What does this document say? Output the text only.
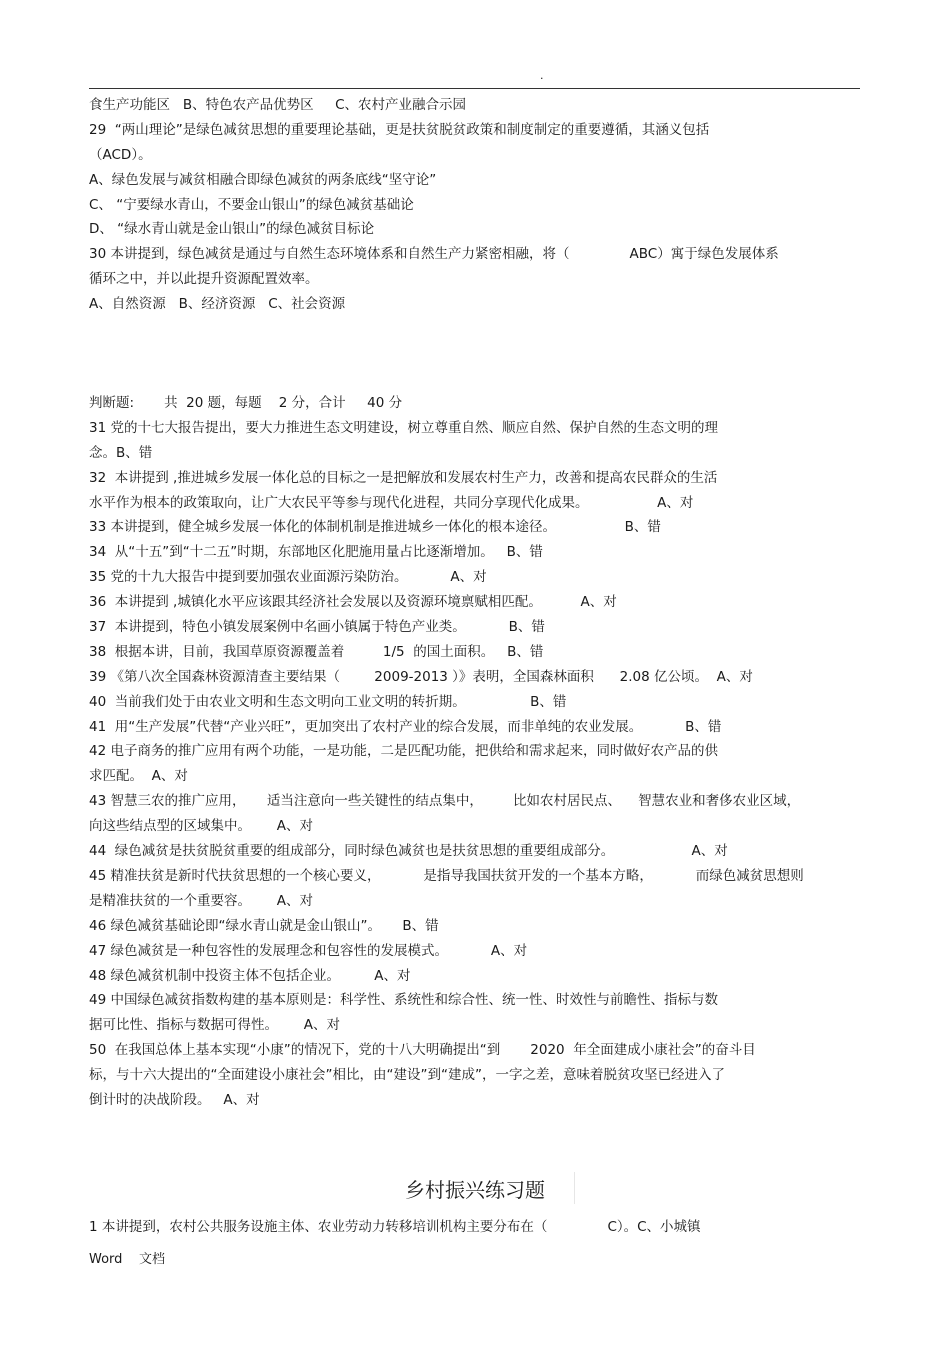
.
食生产功能区   B、特色农产品优势区     C、农村产业融合示园
29  “两山理论”是绿色减贫思想的重要理论基础，更是扶贫脱贫政策和制度制定的重要遵循，其涵义包括
（ACD）。
A、绿色发展与减贫相融合即绿色减贫的两条底线“坚守论”
C、 “宁要绿水青山，不要金山银山”的绿色减贫基础论
D、 “绿水青山就是金山银山”的绿色减贫目标论
30 本讲提到，绿色减贫是通过与自然生态环境体系和自然生产力紧密相融，将（              ABC）寓于绿色发展体系
循环之中，并以此提升资源配置效率。
A、自然资源   B、经济资源   C、社会资源
判断题:       共  20 题，每题    2 分，合计     40 分
31 党的十七大报告提出，要大力推进生态文明建设，树立尊重自然、顺应自然、保护自然的生态文明的理
念。B、错
32  本讲提到 ,推进城乡发展一体化总的目标之一是把解放和发展农村生产力，改善和提高农民群众的生活
水平作为根本的政策取向，让广大农民平等参与现代化进程，共同分享现代化成果。                A、对
33 本讲提到，健全城乡发展一体化的体制机制是推进城乡一体化的根本途径。                B、错
34  从“十五”到“十二五”时期，东部地区化肥施用量占比逐渐增加。   B、错
35 党的十九大报告中提到要加强农业面源污染防治。          A、对
36  本讲提到 ,城镇化水平应该跟其经济社会发展以及资源环境禀赋相匹配。         A、对
37  本讲提到，特色小镇发展案例中名画小镇属于特色产业类。          B、错
38  根据本讲，目前，我国草原资源覆盖着         1/5  的国土面积。   B、错
39 《第八次全国森林资源清查主要结果（        2009-2013 ）》表明，全国森林面积      2.08 亿公顷。  A、对
40  当前我们处于由农业文明和生态文明向工业文明的转折期。               B、错
41  用“生产发展”代替“产业兴旺”，更加突出了农村产业的综合发展，而非单纯的农业发展。          B、错
42 电子商务的推广应用有两个功能，一是功能，二是匹配功能，把供给和需求起来，同时做好农产品的供
求匹配。  A、对
43 智慧三农的推广应用，     适当注意向一些关键性的结点集中，       比如农村居民点、    智慧农业和奢侈农业区域，
向这些结点型的区域集中。      A、对
44  绿色减贫是扶贫脱贫重要的组成部分，同时绿色减贫也是扶贫思想的重要组成部分。                  A、对
45 精准扶贫是新时代扶贫思想的一个核心要义，          是指导我国扶贫开发的一个基本方略，          而绿色减贫思想则
是精准扶贫的一个重要容。      A、对
46 绿色减贫基础论即“绿水青山就是金山银山”。     B、错
47 绿色减贫是一种包容性的发展理念和包容性的发展模式。          A、对
48 绿色减贫机制中投资主体不包括企业。        A、对
49 中国绿色减贫指数构建的基本原则是：科学性、系统性和综合性、统一性、时效性与前瞻性、指标与数
据可比性、指标与数据可得性。      A、对
50  在我国总体上基本实现“小康”的情况下，党的十八大明确提出“到       2020  年全面建成小康社会”的奋斗目
标，与十六大提出的“全面建设小康社会”相比，由“建设”到“建成”，一字之差，意味着脱贫攻坚已经进入了
倒计时的决战阶段。   A、对
乡村振兴练习题
1 本讲提到，农村公共服务设施主体、农业劳动力转移培训机构主要分布在（              C）。C、小城镇
Word    文档
